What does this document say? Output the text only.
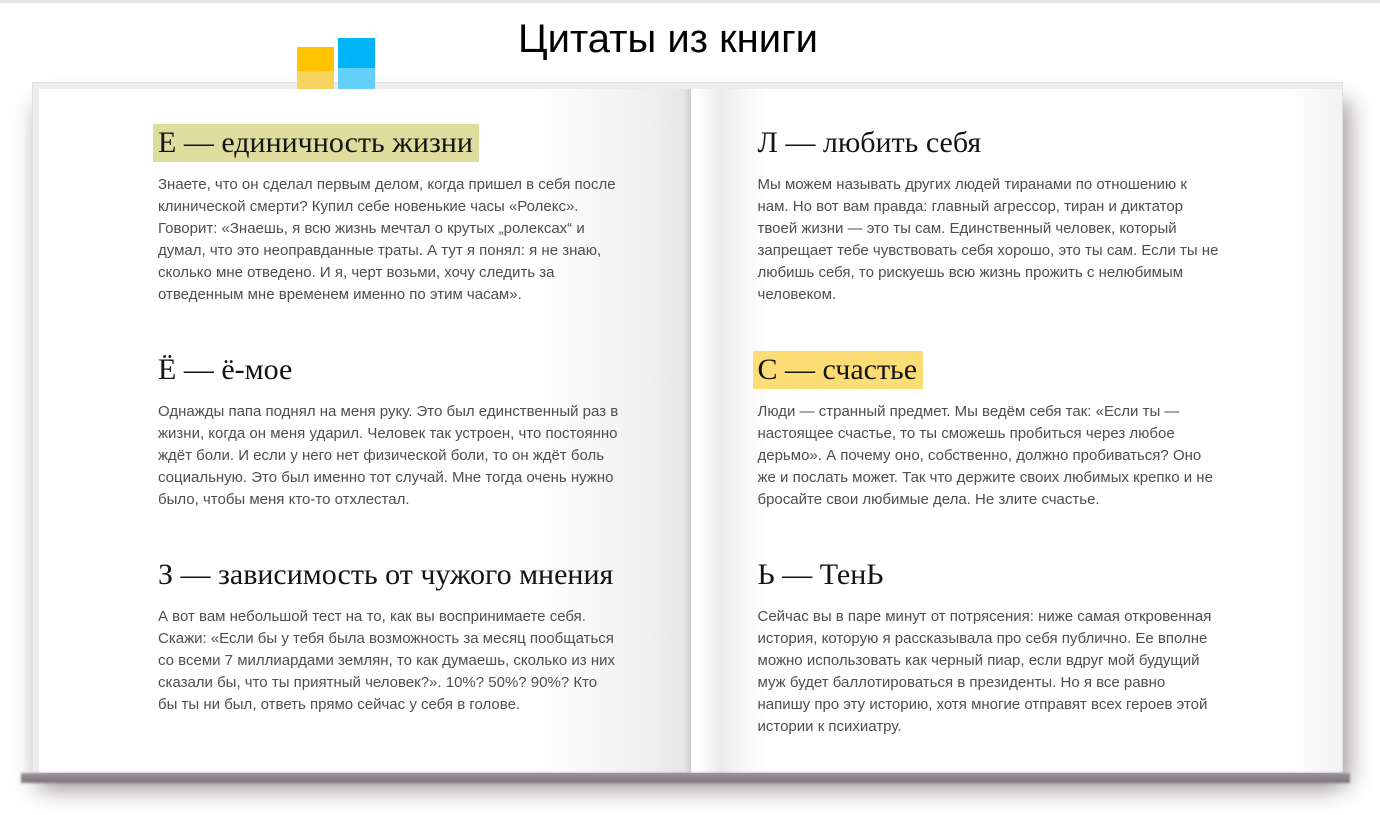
Цитаты из книги
Е — единичность жизни

Знаете, что он сделал первым делом, когда пришел в себя после клинической смерти? Купил себе новенькие часы «Ролекс». Говорит: «Знаешь, я всю жизнь мечтал о крутых „ролексах“ и думал, что это неоправданные траты. А тут я понял: я не знаю, сколько мне отведено. И я, черт возьми, хочу следить за отведенным мне временем именно по этим часам».

Ё — ё-мое

Однажды папа поднял на меня руку. Это был единственный раз в жизни, когда он меня ударил. Человек так устроен, что постоянно ждёт боли. И если у него нет физической боли, то он ждёт боль социальную. Это был именно тот случай. Мне тогда очень нужно было, чтобы меня кто-то отхлестал.

З — зависимость от чужого мнения

А вот вам небольшой тест на то, как вы воспринимаете себя. Скажи: «Если бы у тебя была возможность за месяц пообщаться со всеми 7 миллиардами землян, то как думаешь, сколько из них сказали бы, что ты приятный человек?». 10%? 50%? 90%? Кто бы ты ни был, ответь прямо сейчас у себя в голове.

Л — любить себя

Мы можем называть других людей тиранами по отношению к нам. Но вот вам правда: главный агрессор, тиран и диктатор твоей жизни — это ты сам. Единственный человек, который запрещает тебе чувствовать себя хорошо, это ты сам. Если ты не любишь себя, то рискуешь всю жизнь прожить с нелюбимым человеком.

С — счастье

Люди — странный предмет. Мы ведём себя так: «Если ты — настоящее счастье, то ты сможешь пробиться через любое дерьмо». А почему оно, собственно, должно пробиваться? Оно же и послать может. Так что держите своих любимых крепко и не бросайте свои любимые дела. Не злите счастье.

Ь — ТенЬ

Сейчас вы в паре минут от потрясения: ниже самая откровенная история, которую я рассказывала про себя публично. Ее вполне можно использовать как черный пиар, если вдруг мой будущий муж будет баллотироваться в президенты. Но я все равно напишу про эту историю, хотя многие отправят всех героев этой истории к психиатру.
